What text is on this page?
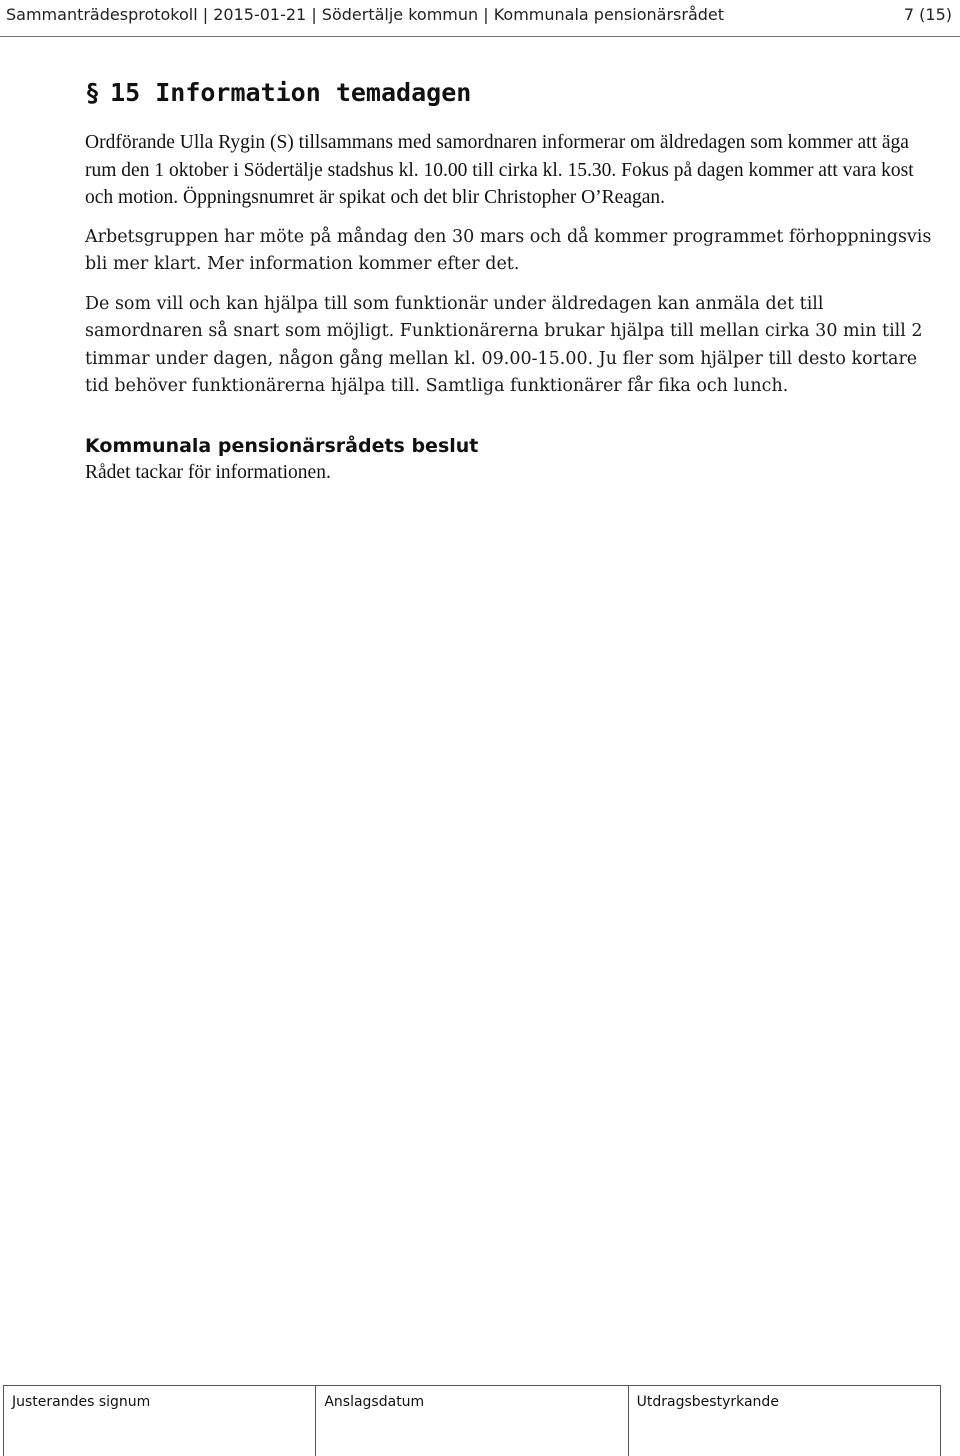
Sammanträdesprotokoll | 2015-01-21 | Södertälje kommun | Kommunala pensionärsrådet	7 (15)
§ 15 Information temadagen

Ordförande Ulla Rygin (S) tillsammans med samordnaren informerar om äldredagen som kommer att äga rum den 1 oktober i Södertälje stadshus kl. 10.00 till cirka kl. 15.30. Fokus på dagen kommer att vara kost och motion. Öppningsnumret är spikat och det blir Christopher O’Reagan.

Arbetsgruppen har möte på måndag den 30 mars och då kommer programmet förhoppningsvis bli mer klart. Mer information kommer efter det.

De som vill och kan hjälpa till som funktionär under äldredagen kan anmäla det till samordnaren så snart som möjligt. Funktionärerna brukar hjälpa till mellan cirka 30 min till 2 timmar under dagen, någon gång mellan kl. 09.00-15.00. Ju fler som hjälper till desto kortare tid behöver funktionärerna hjälpa till. Samtliga funktionärer får fika och lunch.

Kommunala pensionärsrådets beslut

Rådet tackar för informationen.

Justerandes signum	Anslagsdatum	Utdragsbestyrkande
